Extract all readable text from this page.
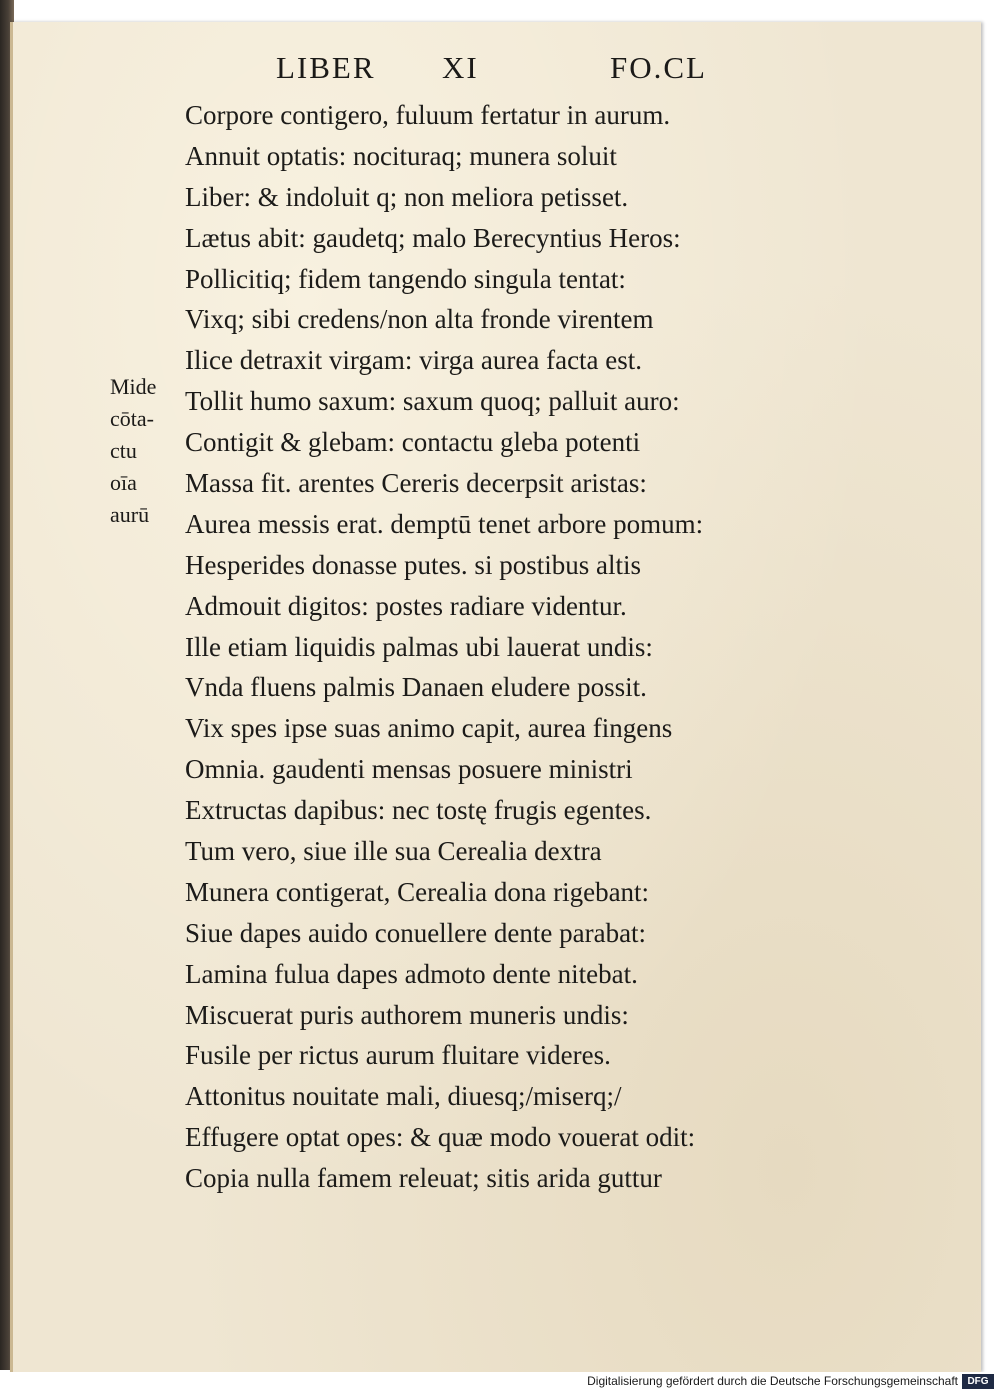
LIBER XI	FO.CL
Mide
cōta-
ctu
oīa
aurū
Corpore contigero, fuluum fertatur in aurum.
Annuit optatis: nocituraq; munera soluit
Liber: & indoluit q; non meliora petisset.
Lætus abit: gaudetq; malo Berecyntius Heros:
Pollicitiq; fidem tangendo singula tentat:
Vixq; sibi credens/non alta fronde virentem
Ilice detraxit virgam: virga aurea facta est.
Tollit humo saxum: saxum quoq; palluit auro:
Contigit & glebam: contactu gleba potenti
Massa fit. arentes Cereris decerpsit aristas:
Aurea messis erat. demptū tenet arbore pomum:
Hesperides donasse putes. si postibus altis
Admouit digitos: postes radiare videntur.
Ille etiam liquidis palmas ubi lauerat undis:
Vnda fluens palmis Danaen eludere possit.
Vix spes ipse suas animo capit, aurea fingens
Omnia. gaudenti mensas posuere ministri
Extructas dapibus: nec tostę frugis egentes.
Tum vero, siue ille sua Cerealia dextra
Munera contigerat, Cerealia dona rigebant:
Siue dapes auido conuellere dente parabat:
Lamina fulua dapes admoto dente nitebat.
Miscuerat puris authorem muneris undis:
Fusile per rictus aurum fluitare videres.
Attonitus nouitate mali, diuesq;/miserq;/
Effugere optat opes: & quæ modo vouerat odit:
Copia nulla famem releuat; sitis arida guttur
Digitalisierung gefördert durch die Deutsche Forschungsgemeinschaft DFG
